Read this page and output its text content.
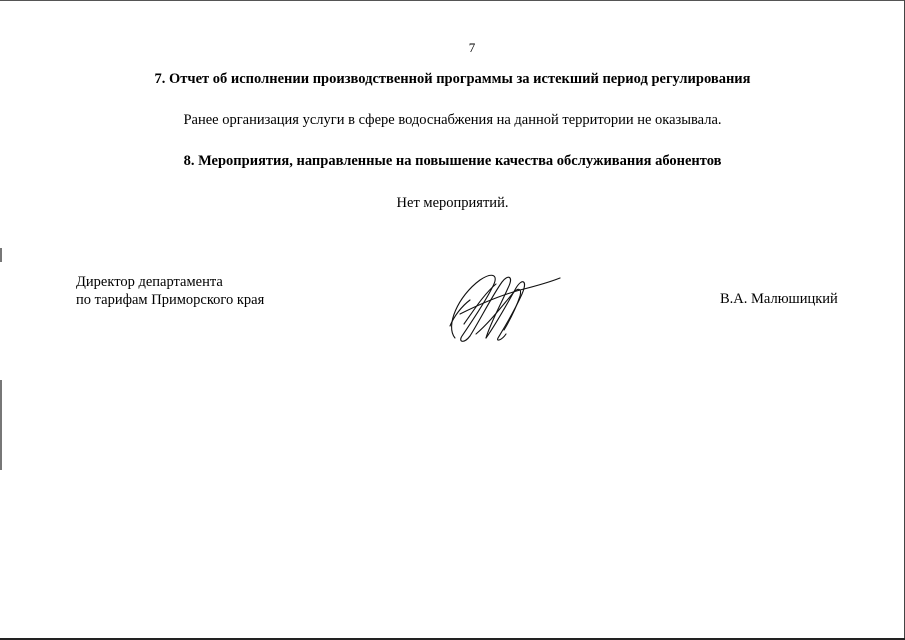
7
7. Отчет об исполнении производственной программы за истекший период регулирования
Ранее организация услуги в сфере водоснабжения на данной территории не оказывала.
8. Мероприятия, направленные на повышение качества обслуживания абонентов
Нет мероприятий.
Директор департамента
по тарифам Приморского края	В.А. Малюшицкий
